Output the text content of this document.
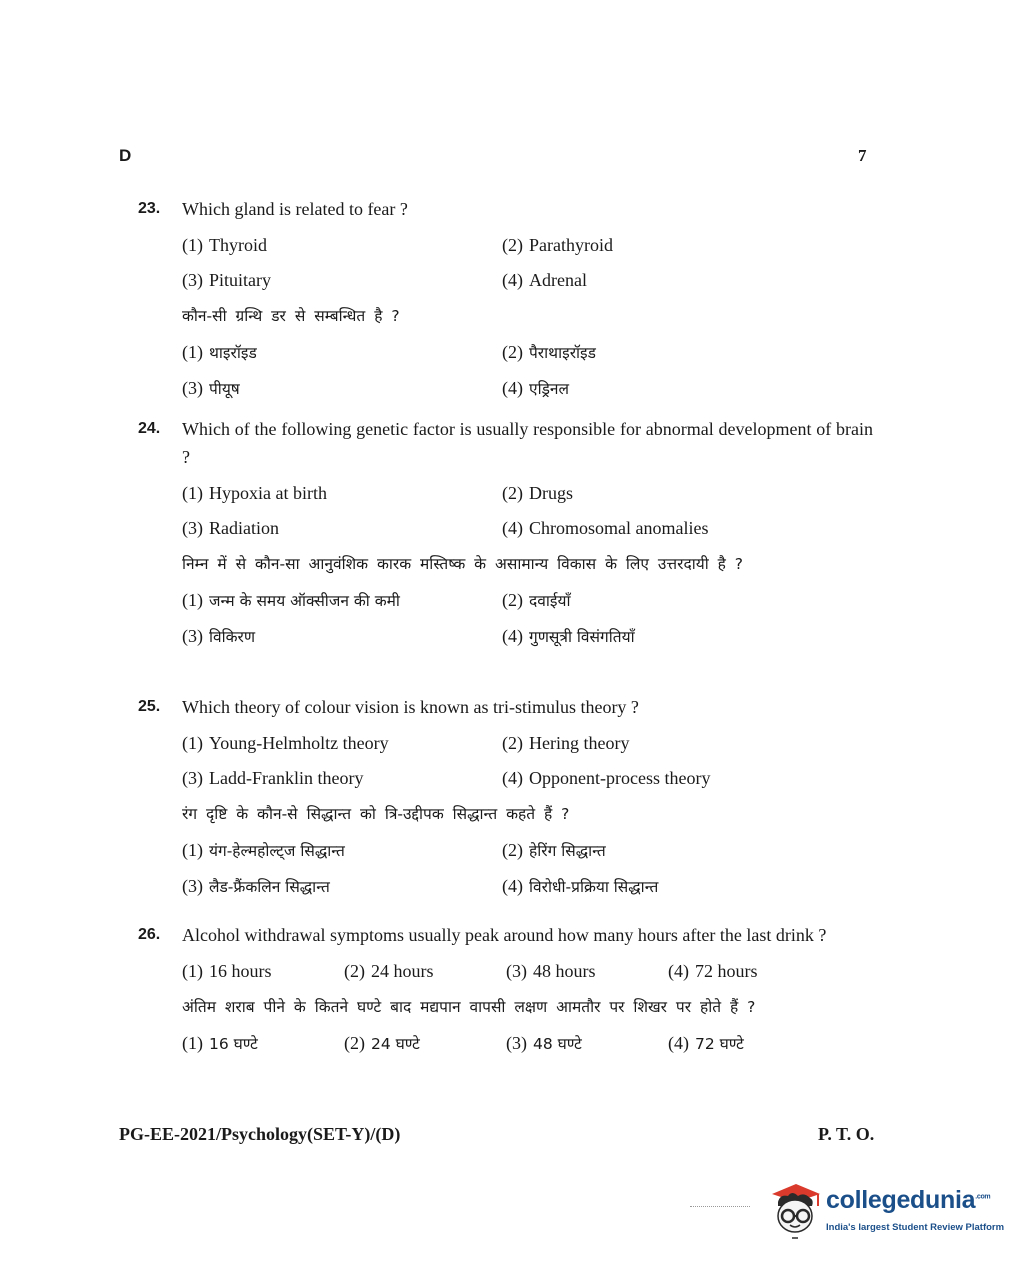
D	7
23.	Which gland is related to fear ?
(1) Thyroid	(2) Parathyroid
(3) Pituitary	(4) Adrenal
कौन-सी ग्रन्थि डर से सम्बन्धित है ?
(1) थाइरॉइड	(2) पैराथाइरॉइड
(3) पीयूष	(4) एड्रिनल
24.	Which of the following genetic factor is usually responsible for abnormal development of brain ?
(1) Hypoxia at birth	(2) Drugs
(3) Radiation	(4) Chromosomal anomalies
निम्न में से कौन-सा आनुवंशिक कारक मस्तिष्क के असामान्य विकास के लिए उत्तरदायी है ?
(1) जन्म के समय ऑक्सीजन की कमी	(2) दवाईयाँ
(3) विकिरण	(4) गुणसूत्री विसंगतियाँ
25.	Which theory of colour vision is known as tri-stimulus theory ?
(1) Young-Helmholtz theory	(2) Hering theory
(3) Ladd-Franklin theory	(4) Opponent-process theory
रंग दृष्टि के कौन-से सिद्धान्त को त्रि-उद्दीपक सिद्धान्त कहते हैं ?
(1) यंग-हेल्महोल्ट्ज सिद्धान्त	(2) हेरिंग सिद्धान्त
(3) लैड-फ्रैंकलिन सिद्धान्त	(4) विरोधी-प्रक्रिया सिद्धान्त
26.	Alcohol withdrawal symptoms usually peak around how many hours after the last drink ?
(1) 16 hours	(2) 24 hours	(3) 48 hours	(4) 72 hours
अंतिम शराब पीने के कितने घण्टे बाद मद्यपान वापसी लक्षण आमतौर पर शिखर पर होते हैं ?
(1) 16 घण्टे	(2) 24 घण्टे	(3) 48 घण्टे	(4) 72 घण्टे
PG-EE-2021/Psychology(SET-Y)/(D)	P. T. O.
collegedunia$^{.com}$
India's largest Student Review Platform
